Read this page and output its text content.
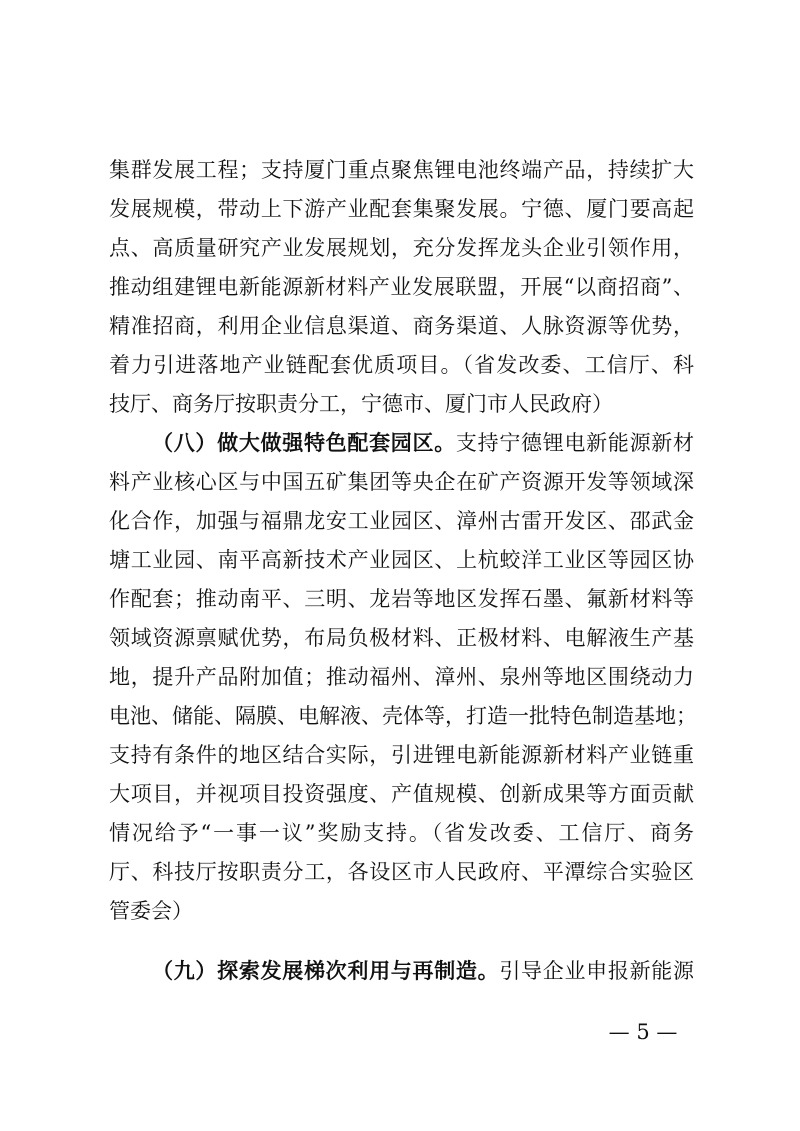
集群发展工程；支持厦门重点聚焦锂电池终端产品，持续扩大
发展规模，带动上下游产业配套集聚发展。宁德、厦门要高起
点、高质量研究产业发展规划，充分发挥龙头企业引领作用，
推动组建锂电新能源新材料产业发展联盟，开展“以商招商”、
精准招商，利用企业信息渠道、商务渠道、人脉资源等优势，
着力引进落地产业链配套优质项目。（省发改委、工信厅、科
技厅、商务厅按职责分工，宁德市、厦门市人民政府）
（八）做大做强特色配套园区。支持宁德锂电新能源新材
料产业核心区与中国五矿集团等央企在矿产资源开发等领域深
化合作，加强与福鼎龙安工业园区、漳州古雷开发区、邵武金
塘工业园、南平高新技术产业园区、上杭蛟洋工业区等园区协
作配套；推动南平、三明、龙岩等地区发挥石墨、氟新材料等
领域资源禀赋优势，布局负极材料、正极材料、电解液生产基
地，提升产品附加值；推动福州、漳州、泉州等地区围绕动力
电池、储能、隔膜、电解液、壳体等，打造一批特色制造基地；
支持有条件的地区结合实际，引进锂电新能源新材料产业链重
大项目，并视项目投资强度、产值规模、创新成果等方面贡献
情况给予“一事一议”奖励支持。（省发改委、工信厅、商务
厅、科技厅按职责分工，各设区市人民政府、平潭综合实验区
管委会）
（九）探索发展梯次利用与再制造。引导企业申报新能源
— 5 —
